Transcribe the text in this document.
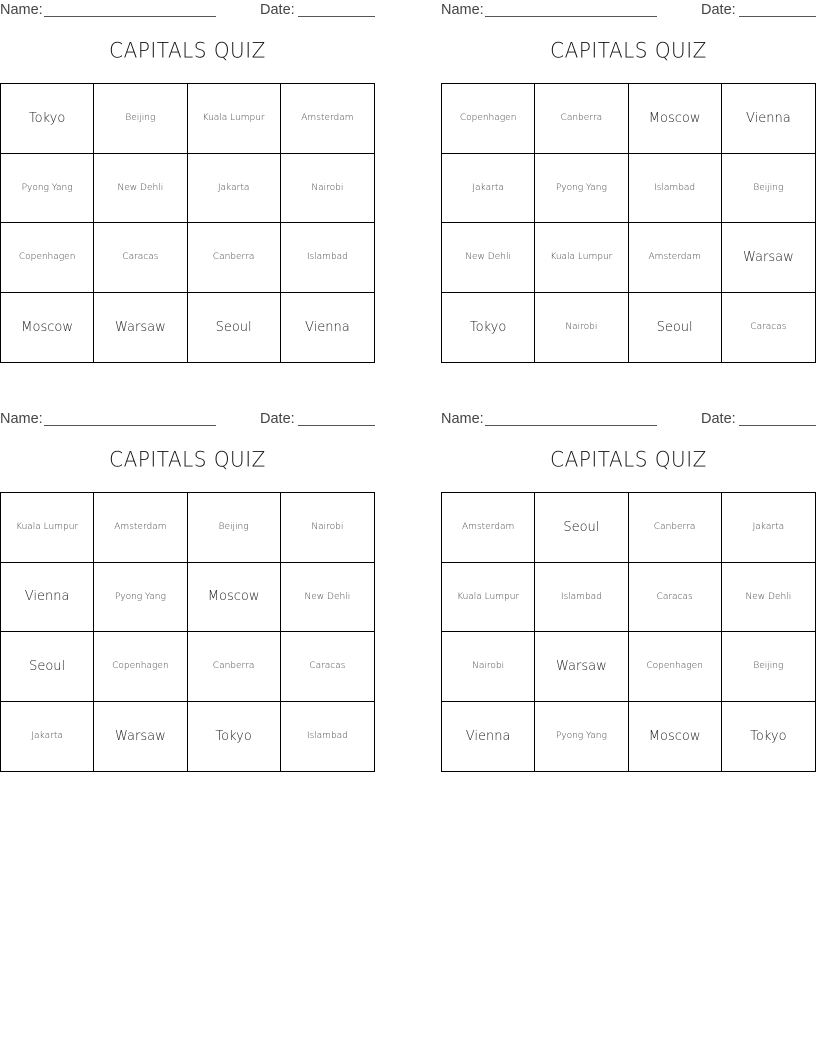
Name:	Date:
CAPITALS QUIZ
Tokyo	Beijing	Kuala Lumpur	Amsterdam
Pyong Yang	New Dehli	Jakarta	Nairobi
Copenhagen	Caracas	Canberra	Islambad
Moscow	Warsaw	Seoul	Vienna
Name:	Date:
CAPITALS QUIZ
Copenhagen	Canberra	Moscow	Vienna
Jakarta	Pyong Yang	Islambad	Beijing
New Dehli	Kuala Lumpur	Amsterdam	Warsaw
Tokyo	Nairobi	Seoul	Caracas
Name:	Date:
CAPITALS QUIZ
Kuala Lumpur	Amsterdam	Beijing	Nairobi
Vienna	Pyong Yang	Moscow	New Dehli
Seoul	Copenhagen	Canberra	Caracas
Jakarta	Warsaw	Tokyo	Islambad
Name:	Date:
CAPITALS QUIZ
Amsterdam	Seoul	Canberra	Jakarta
Kuala Lumpur	Islambad	Caracas	New Dehli
Nairobi	Warsaw	Copenhagen	Beijing
Vienna	Pyong Yang	Moscow	Tokyo
